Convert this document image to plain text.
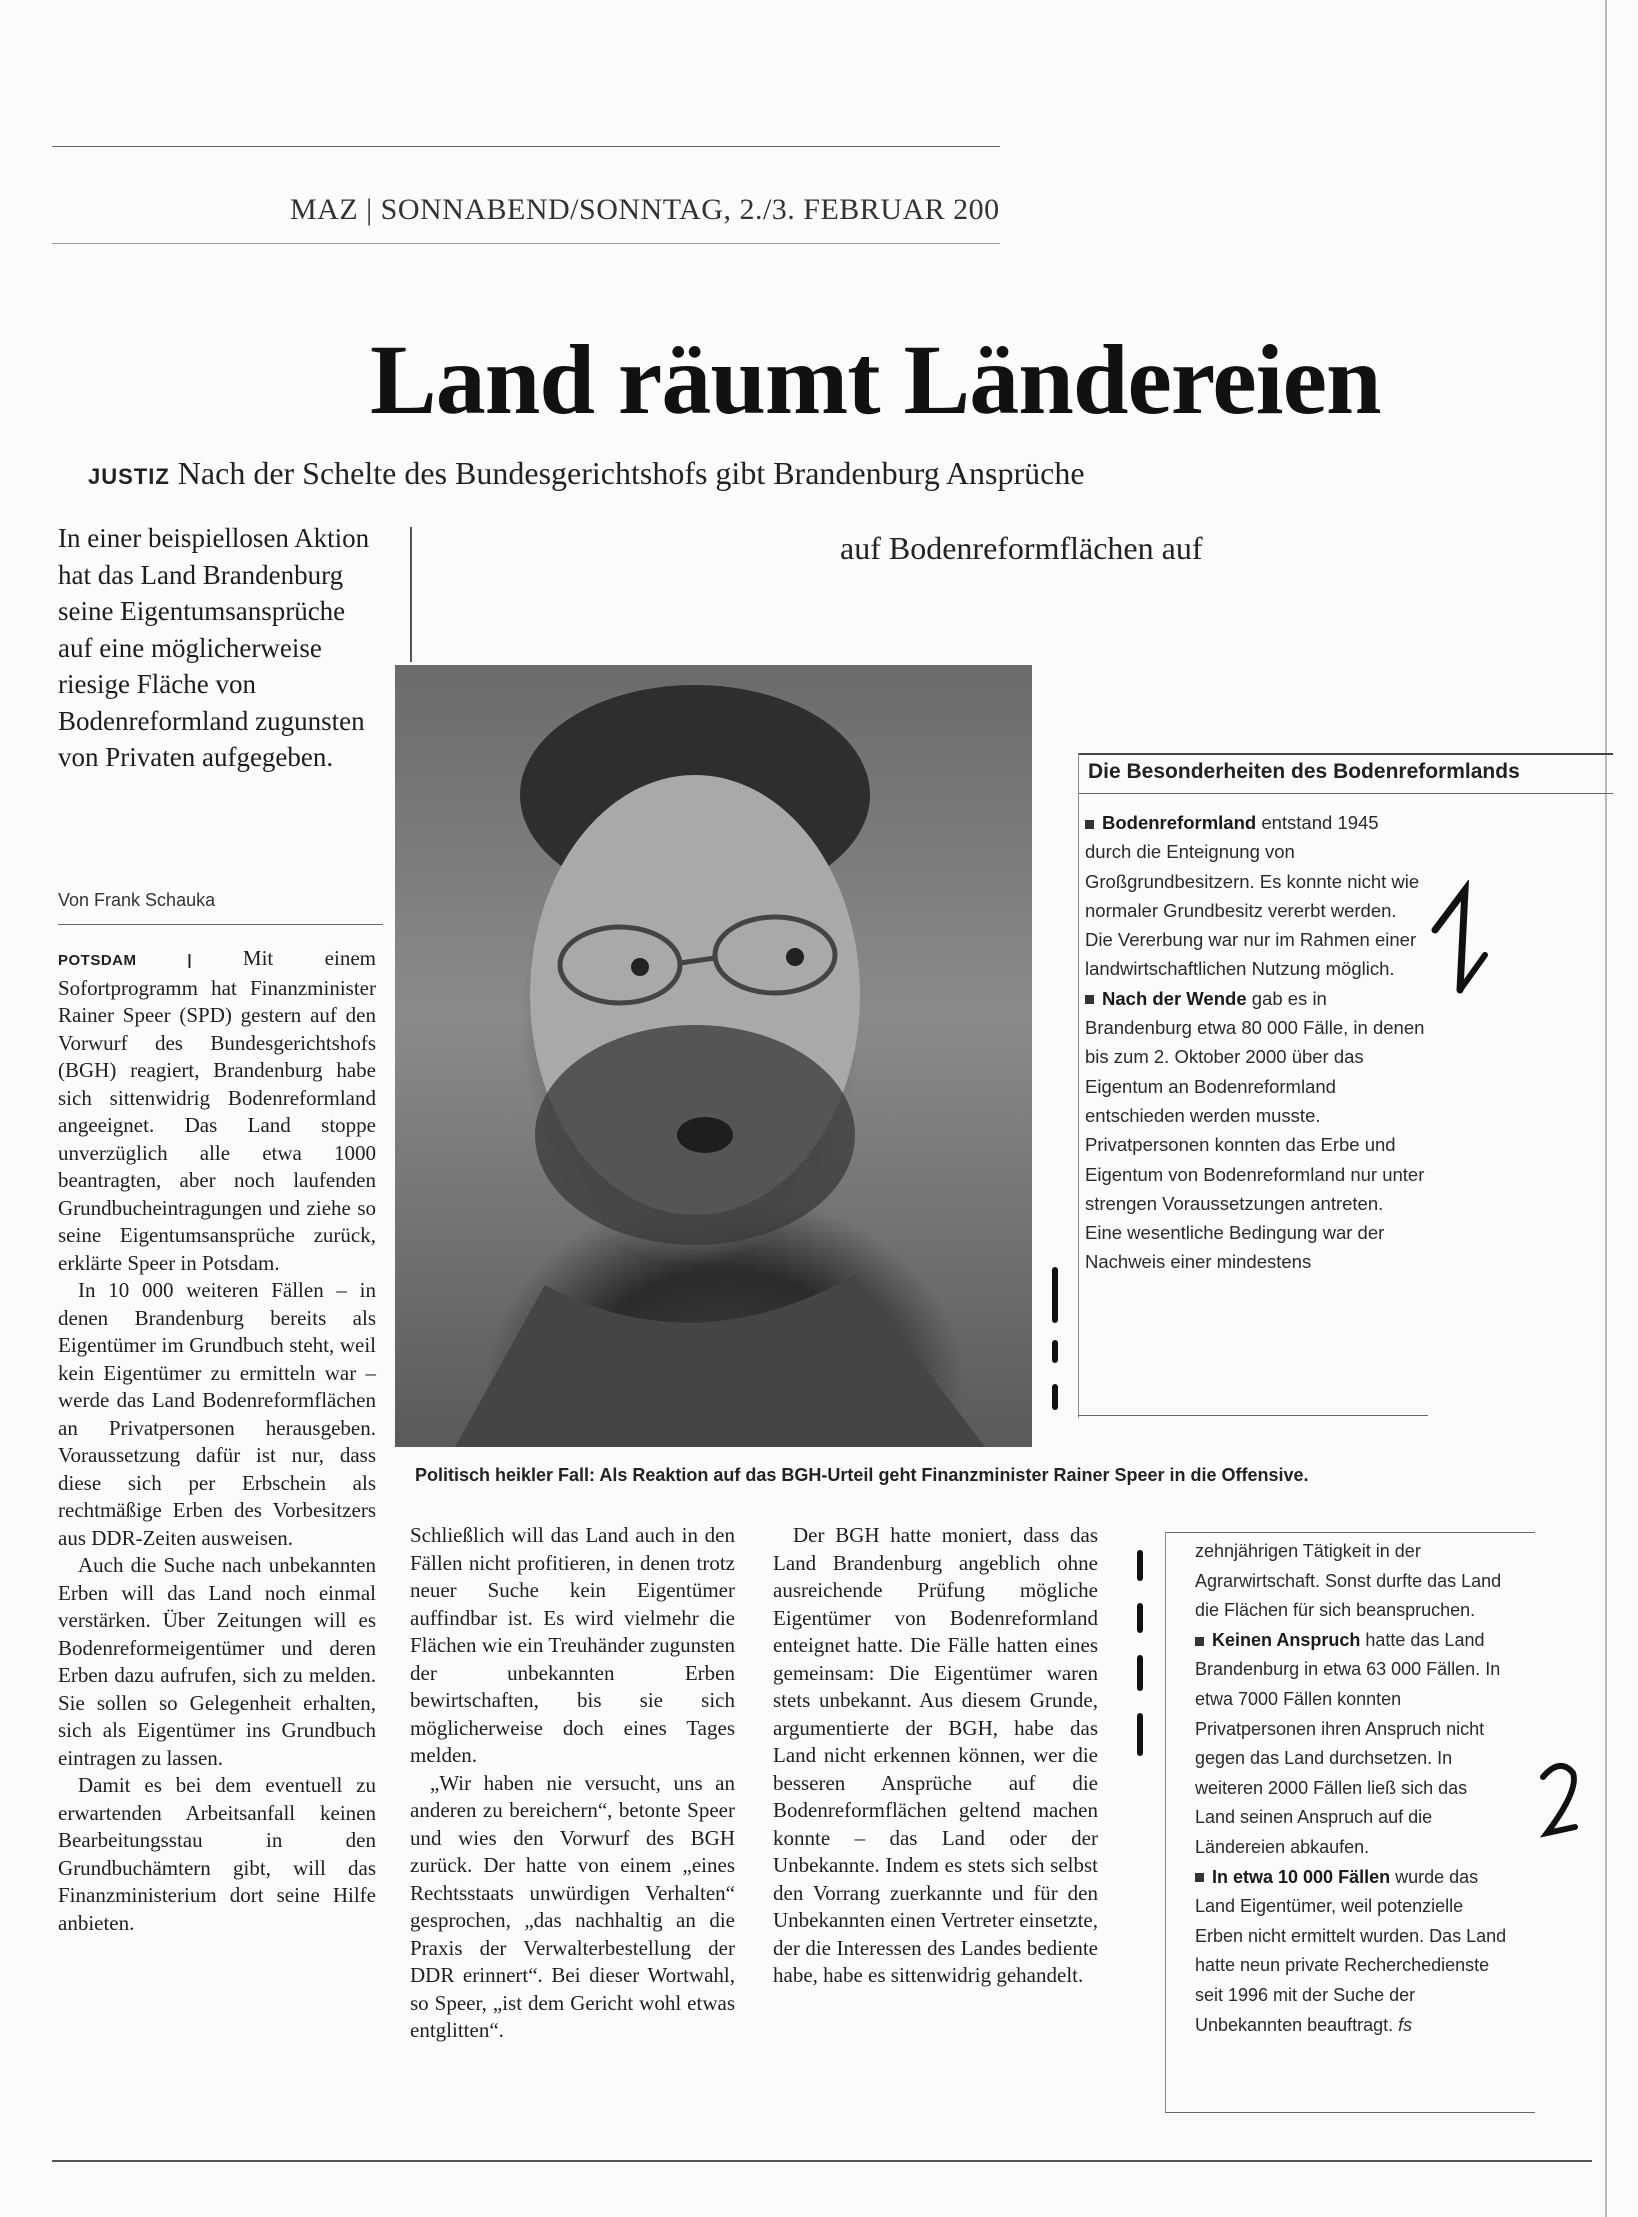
MAZ | SONNABEND/SONNTAG, 2./3. FEBRUAR 200
Land räumt Ländereien
JUSTIZ Nach der Schelte des Bundesgerichtshofs gibt Brandenburg Ansprüche
auf Bodenreformflächen auf
In einer beispiellosen Aktion hat das Land Brandenburg seine Eigentumsansprüche auf eine möglicherweise riesige Fläche von Bodenreformland zugunsten von Privaten aufgegeben.
Von Frank Schauka

POTSDAM | Mit einem Sofortprogramm hat Finanzminister Rainer Speer (SPD) gestern auf den Vorwurf des Bundesgerichtshofs (BGH) reagiert, Brandenburg habe sich sittenwidrig Bodenreformland angeeignet. Das Land stoppe unverzüglich alle etwa 1000 beantragten, aber noch laufenden Grundbucheintragungen und ziehe so seine Eigentumsansprüche zurück, erklärte Speer in Potsdam.

In 10 000 weiteren Fällen – in denen Brandenburg bereits als Eigentümer im Grundbuch steht, weil kein Eigentümer zu ermitteln war – werde das Land Bodenreformflächen an Privatpersonen herausgeben. Voraussetzung dafür ist nur, dass diese sich per Erbschein als rechtmäßige Erben des Vorbesitzers aus DDR-Zeiten ausweisen.

Auch die Suche nach unbekannten Erben will das Land noch einmal verstärken. Über Zeitungen will es Bodenreformeigentümer und deren Erben dazu aufrufen, sich zu melden. Sie sollen so Gelegenheit erhalten, sich als Eigentümer ins Grundbuch eintragen zu lassen.

Damit es bei dem eventuell zu erwartenden Arbeitsanfall keinen Bearbeitungsstau in den Grundbuchämtern gibt, will das Finanzministerium dort seine Hilfe anbieten.

Politisch heikler Fall: Als Reaktion auf das BGH-Urteil geht Finanzminister Rainer Speer in die Offensive.
Die Besonderheiten des Bodenreformlands

Bodenreformland entstand 1945 durch die Enteignung von Großgrundbesitzern. Es konnte nicht wie normaler Grundbesitz vererbt werden. Die Vererbung war nur im Rahmen einer landwirtschaftlichen Nutzung möglich.

Nach der Wende gab es in Brandenburg etwa 80 000 Fälle, in denen bis zum 2. Oktober 2000 über das Eigentum an Bodenreformland entschieden werden musste. Privatpersonen konnten das Erbe und Eigentum von Bodenreformland nur unter strengen Voraussetzungen antreten. Eine wesentliche Bedingung war der Nachweis einer mindestens

Schließlich will das Land auch in den Fällen nicht profitieren, in denen trotz neuer Suche kein Eigentümer auffindbar ist. Es wird vielmehr die Flächen wie ein Treuhänder zugunsten der unbekannten Erben bewirtschaften, bis sie sich möglicherweise doch eines Tages melden.

„Wir haben nie versucht, uns an anderen zu bereichern“, betonte Speer und wies den Vorwurf des BGH zurück. Der hatte von einem „eines Rechtsstaats unwürdigen Verhalten“ gesprochen, „das nachhaltig an die Praxis der Verwalterbestellung der DDR erinnert“. Bei dieser Wortwahl, so Speer, „ist dem Gericht wohl etwas entglitten“.

Der BGH hatte moniert, dass das Land Brandenburg angeblich ohne ausreichende Prüfung mögliche Eigentümer von Bodenreformland enteignet hatte. Die Fälle hatten eines gemeinsam: Die Eigentümer waren stets unbekannt. Aus diesem Grunde, argumentierte der BGH, habe das Land nicht erkennen können, wer die besseren Ansprüche auf die Bodenreformflächen geltend machen konnte – das Land oder der Unbekannte. Indem es stets sich selbst den Vorrang zuerkannte und für den Unbekannten einen Vertreter einsetzte, der die Interessen des Landes bediente habe, habe es sittenwidrig gehandelt.

zehnjährigen Tätigkeit in der Agrarwirtschaft. Sonst durfte das Land die Flächen für sich beanspruchen.

Keinen Anspruch hatte das Land Brandenburg in etwa 63 000 Fällen. In etwa 7000 Fällen konnten Privatpersonen ihren Anspruch nicht gegen das Land durchsetzen. In weiteren 2000 Fällen ließ sich das Land seinen Anspruch auf die Ländereien abkaufen.

In etwa 10 000 Fällen wurde das Land Eigentümer, weil potenzielle Erben nicht ermittelt wurden. Das Land hatte neun private Recherchedienste seit 1996 mit der Suche der Unbekannten beauftragt. fs
